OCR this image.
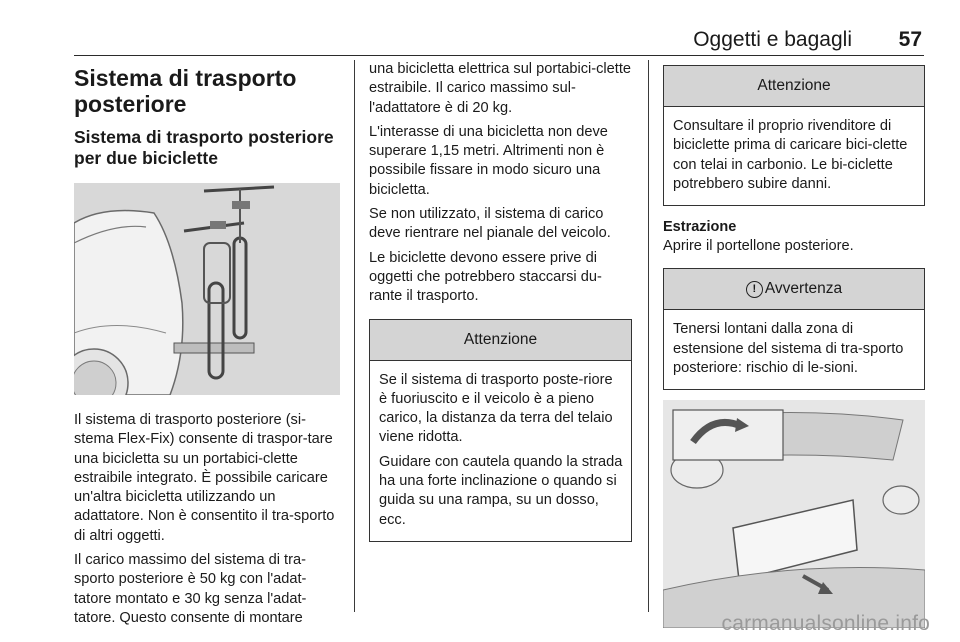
Oggetti e bagagli 57
Sistema di trasporto posteriore
Sistema di trasporto posteriore per due biciclette

Il sistema di trasporto posteriore (si-stema Flex-Fix) consente di traspor-tare una bicicletta su un portabici-clette estraibile integrato. È possibile caricare un'altra bicicletta utilizzando un adattatore. Non è consentito il tra-sporto di altri oggetti.

Il carico massimo del sistema di tra-sporto posteriore è 50 kg con l'adat-tatore montato e 30 kg senza l'adat-tatore. Questo consente di montare

una bicicletta elettrica sul portabici-clette estraibile. Il carico massimo sul-l'adattatore è di 20 kg.

L'interasse di una bicicletta non deve superare 1,15 metri. Altrimenti non è possibile fissare in modo sicuro una bicicletta.

Se non utilizzato, il sistema di carico deve rientrare nel pianale del veicolo.

Le biciclette devono essere prive di oggetti che potrebbero staccarsi du-rante il trasporto.

Attenzione

Se il sistema di trasporto poste-riore è fuoriuscito e il veicolo è a pieno carico, la distanza da terra del telaio viene ridotta.

Guidare con cautela quando la strada ha una forte inclinazione o quando si guida su una rampa, su un dosso, ecc.

Attenzione

Consultare il proprio rivenditore di biciclette prima di caricare bici-clette con telai in carbonio. Le bi-ciclette potrebbero subire danni.

Estrazione

Aprire il portellone posteriore.

! Avvertenza

Tenersi lontani dalla zona di estensione del sistema di tra-sporto posteriore: rischio di le-sioni.

carmanualsonline.info
